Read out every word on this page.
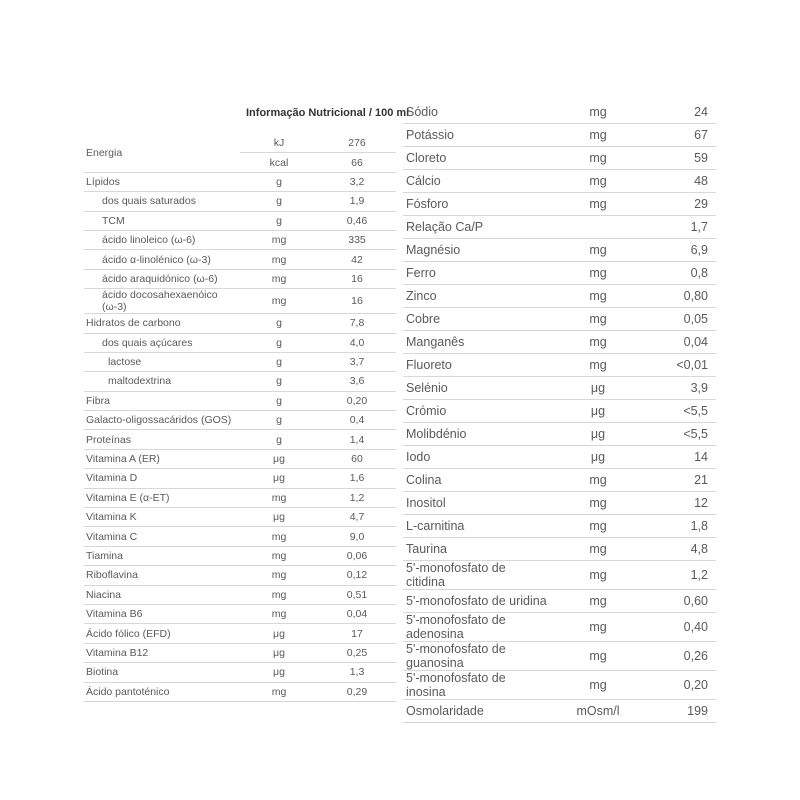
Informação Nutricional / 100 ml
Energia	kJ	276
	kcal	66
Lípidos	g	3,2
dos quais saturados	g	1,9
TCM	g	0,46
ácido linoleico (ω-6)	mg	335
ácido α-linolénico (ω-3)	mg	42
ácido araquidónico (ω-6)	mg	16
ácido docosahexaenóico (ω-3)	mg	16
Hidratos de carbono	g	7,8
dos quais açúcares	g	4,0
lactose	g	3,7
maltodextrina	g	3,6
Fibra	g	0,20
Galacto-oligossacáridos (GOS)	g	0,4
Proteínas	g	1,4
Vitamina A (ER)	μg	60
Vitamina D	μg	1,6
Vitamina E (α-ET)	mg	1,2
Vitamina K	μg	4,7
Vitamina C	mg	9,0
Tiamina	mg	0,06
Riboflavina	mg	0,12
Niacina	mg	0,51
Vitamina B6	mg	0,04
Ácido fólico (EFD)	μg	17
Vitamina B12	μg	0,25
Biotina	μg	1,3
Ácido pantoténico	mg	0,29
Sódio	mg	24
Potássio	mg	67
Cloreto	mg	59
Cálcio	mg	48
Fósforo	mg	29
Relação Ca/P		1,7
Magnésio	mg	6,9
Ferro	mg	0,8
Zinco	mg	0,80
Cobre	mg	0,05
Manganês	mg	0,04
Fluoreto	mg	<0,01
Selénio	μg	3,9
Crómio	μg	<5,5
Molibdénio	μg	<5,5
Iodo	μg	14
Colina	mg	21
Inositol	mg	12
L-carnitina	mg	1,8
Taurina	mg	4,8
5'-monofosfato de citidina	mg	1,2
5'-monofosfato de uridina	mg	0,60
5'-monofosfato de adenosina	mg	0,40
5'-monofosfato de guanosina	mg	0,26
5'-monofosfato de inosina	mg	0,20
Osmolaridade	mOsm/l	199
